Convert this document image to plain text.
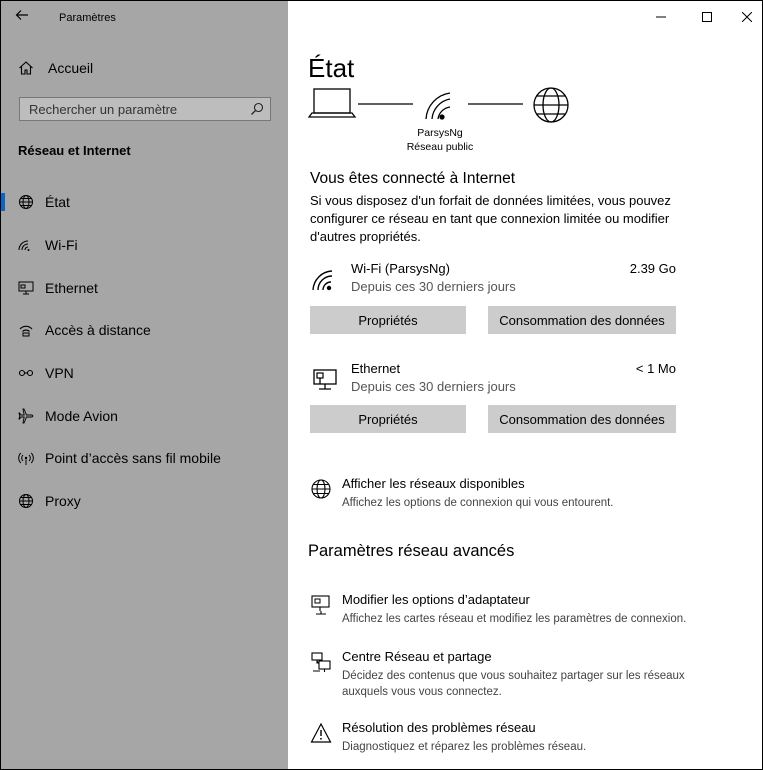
Paramètres
Accueil
Rechercher un paramètre
Réseau et Internet
État
Wi-Fi
Ethernet
Accès à distance
VPN
Mode Avion
Point d’accès sans fil mobile
Proxy
État
ParsysNg
Réseau public
Vous êtes connecté à Internet
Si vous disposez d'un forfait de données limitées, vous pouvez configurer ce réseau en tant que connexion limitée ou modifier d'autres propriétés.
Wi-Fi (ParsysNg)	2.39 Go
Depuis ces 30 derniers jours
Propriétés	Consommation des données
Ethernet	< 1 Mo
Depuis ces 30 derniers jours
Propriétés	Consommation des données
Afficher les réseaux disponibles
Affichez les options de connexion qui vous entourent.
Paramètres réseau avancés
Modifier les options d’adaptateur
Affichez les cartes réseau et modifiez les paramètres de connexion.
Centre Réseau et partage
Décidez des contenus que vous souhaitez partager sur les réseaux auxquels vous vous connectez.
Résolution des problèmes réseau
Diagnostiquez et réparez les problèmes réseau.
